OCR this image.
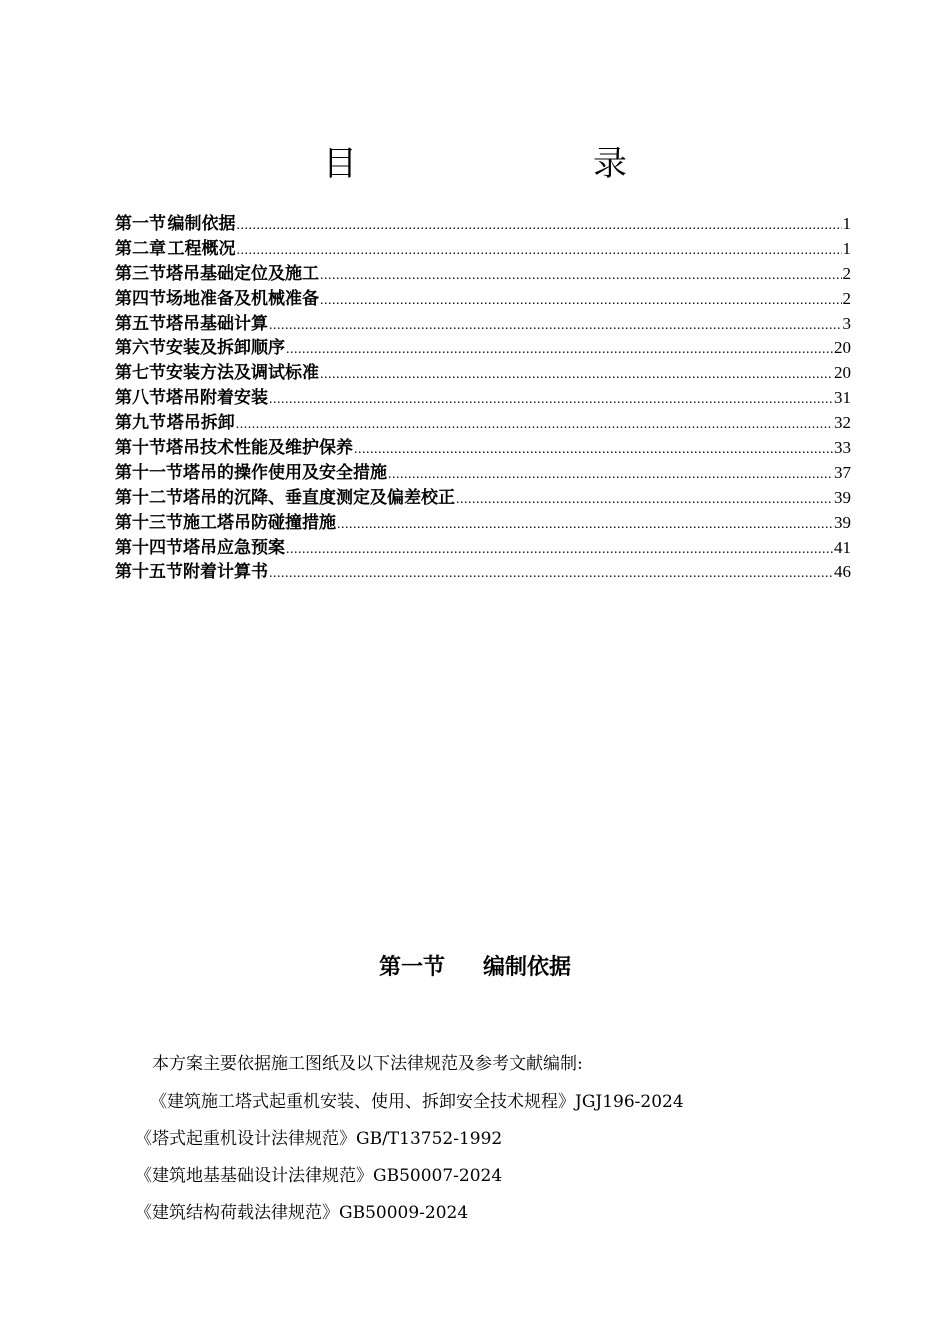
目　　录
第一节 编制依据 .....	1
第二章 工程概况 .....	1
第三节 塔吊基础定位及施工 .....	2
第四节 场地准备及机械准备 .....	2
第五节 塔吊基础计算 .....	3
第六节 安装及拆卸顺序 .....	20
第七节 安装方法及调试标准 .....	20
第八节 塔吊附着安装 .....	31
第九节 塔吊拆卸 .....	32
第十节 塔吊技术性能及维护保养 .....	33
第十一节 塔吊的操作使用及安全措施 .....	37
第十二节 塔吊的沉降、垂直度测定及偏差校正 .....	39
第十三节 施工塔吊防碰撞措施 .....	39
第十四节 塔吊应急预案 .....	41
第十五节 附着计算书 .....	46
第一节 编制依据

本方案主要依据施工图纸及以下法律规范及参考文献编制:

《建筑施工塔式起重机安装、使用、拆卸安全技术规程》JGJ196-2024

《塔式起重机设计法律规范》GB/T13752-1992

《建筑地基基础设计法律规范》GB50007-2024

《建筑结构荷载法律规范》GB50009-2024
